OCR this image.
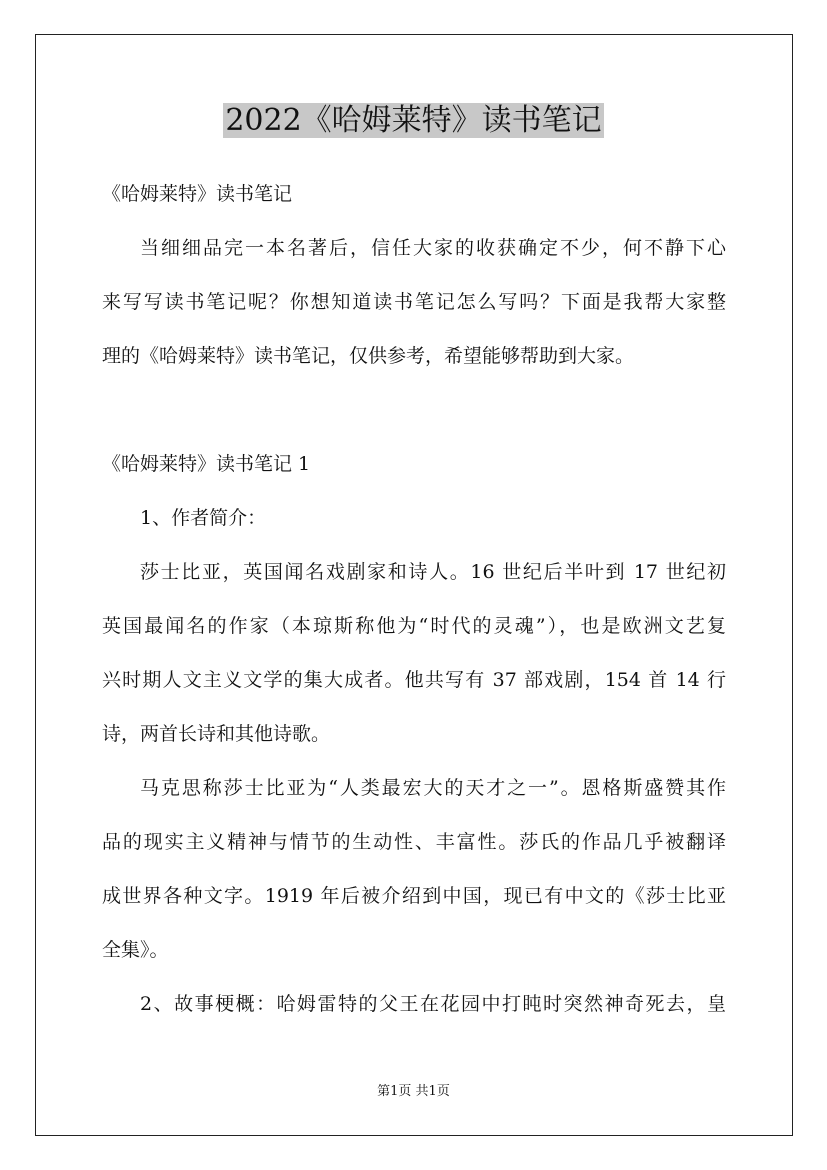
2022《哈姆莱特》读书笔记
《哈姆莱特》读书笔记
当细细品完一本名著后，信任大家的收获确定不少，何不静下心
来写写读书笔记呢？你想知道读书笔记怎么写吗？下面是我帮大家整
理的《哈姆莱特》读书笔记，仅供参考，希望能够帮助到大家。
《哈姆莱特》读书笔记 1
1、作者简介：
莎士比亚，英国闻名戏剧家和诗人。16 世纪后半叶到 17 世纪初
英国最闻名的作家（本琼斯称他为“时代的灵魂”），也是欧洲文艺复
兴时期人文主义文学的集大成者。他共写有 37 部戏剧，154 首 14 行
诗，两首长诗和其他诗歌。
马克思称莎士比亚为“人类最宏大的天才之一”。恩格斯盛赞其作
品的现实主义精神与情节的生动性、丰富性。莎氏的作品几乎被翻译
成世界各种文字。1919 年后被介绍到中国，现已有中文的《莎士比亚
全集》。
2、故事梗概：哈姆雷特的父王在花园中打盹时突然神奇死去，皇
第1页 共1页
